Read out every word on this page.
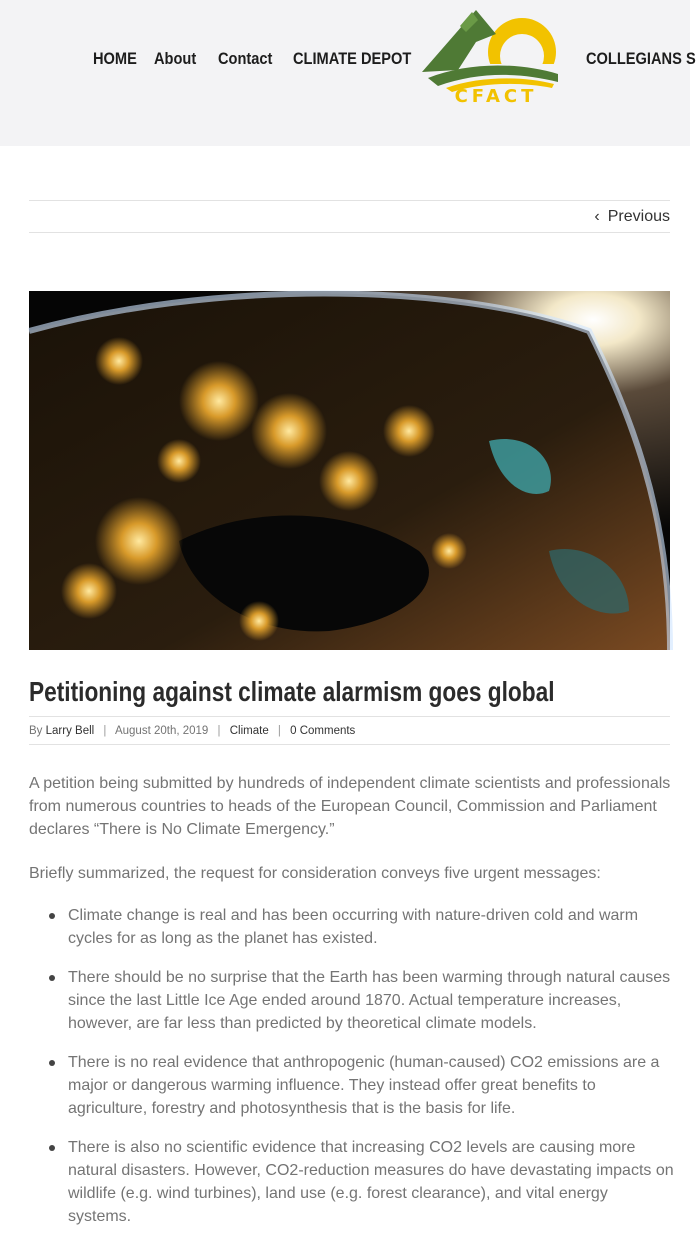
HOME About Contact CLIMATE DEPOT	COLLEGIANS S
CFACT
‹ Previous
Petitioning against climate alarmism goes global
By Larry Bell | August 20th, 2019 | Climate | 0 Comments

A petition being submitted by hundreds of independent climate scientists and professionals from numerous countries to heads of the European Council, Commission and Parliament declares “There is No Climate Emergency.”

Briefly summarized, the request for consideration conveys five urgent messages:

Climate change is real and has been occurring with nature-driven cold and warm cycles for as long as the planet has existed.
There should be no surprise that the Earth has been warming through natural causes since the last Little Ice Age ended around 1870. Actual temperature increases, however, are far less than predicted by theoretical climate models.
There is no real evidence that anthropogenic (human-caused) CO2 emissions are a major or dangerous warming influence. They instead offer great benefits to agriculture, forestry and photosynthesis that is the basis for life.
There is also no scientific evidence that increasing CO2 levels are causing more natural disasters. However, CO2-reduction measures do have devastating impacts on wildlife (e.g. wind turbines), land use (e.g. forest clearance), and vital energy systems.
